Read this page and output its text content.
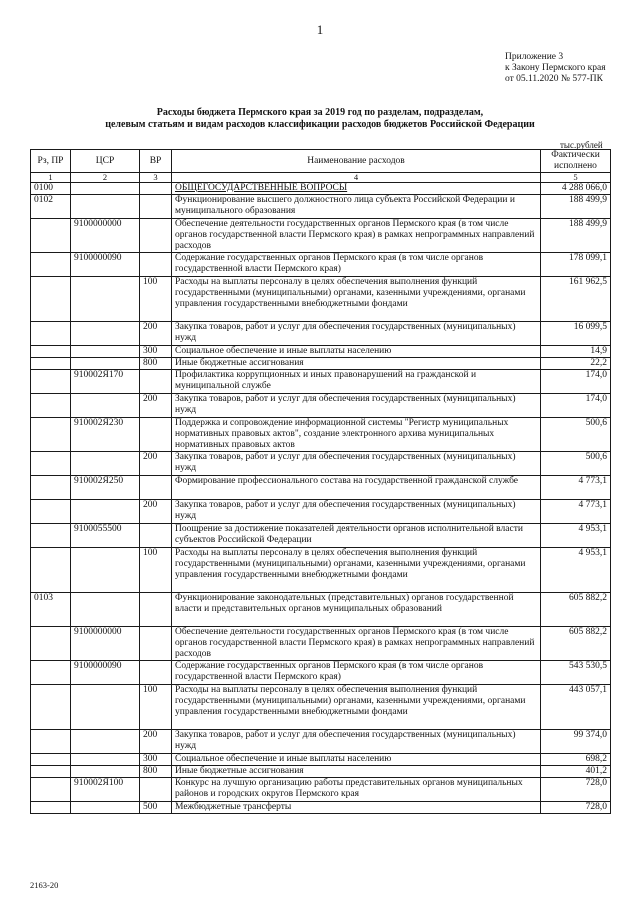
1
Приложение 3
к Закону Пермского края
от 05.11.2020 № 577-ПК
Расходы бюджета Пермского края за 2019 год по разделам, подразделам,
целевым статьям и видам расходов классификации расходов бюджетов Российской Федерации
тыс.рублей
Рз, ПР	ЦСР	ВР	Наименование расходов	Фактически исполнено
1	2	3	4	5
0100			ОБЩЕГОСУДАРСТВЕННЫЕ ВОПРОСЫ	4 288 066,0
0102			Функционирование высшего должностного лица субъекта Российской Федерации и муниципального образования	188 499,9
	9100000000		Обеспечение деятельности государственных органов Пермского края (в том числе органов государственной власти Пермского края) в рамках непрограммных направлений расходов	188 499,9
	9100000090		Содержание государственных органов Пермского края (в том числе органов государственной власти Пермского края)	178 099,1
		100	Расходы на выплаты персоналу в целях обеспечения выполнения функций государственными (муниципальными) органами, казенными учреждениями, органами управления государственными внебюджетными фондами	161 962,5
		200	Закупка товаров, работ и услуг для обеспечения государственных (муниципальных) нужд	16 099,5
		300	Социальное обеспечение и иные выплаты населению	14,9
		800	Иные бюджетные ассигнования	22,2
	910002Я170		Профилактика коррупционных и иных правонарушений на гражданской и муниципальной службе	174,0
		200	Закупка товаров, работ и услуг для обеспечения государственных (муниципальных) нужд	174,0
	910002Я230		Поддержка и сопровождение информационной системы "Регистр муниципальных нормативных правовых актов", создание электронного архива муниципальных нормативных правовых актов	500,6
		200	Закупка товаров, работ и услуг для обеспечения государственных (муниципальных) нужд	500,6
	910002Я250		Формирование профессионального состава на государственной гражданской службе	4 773,1
		200	Закупка товаров, работ и услуг для обеспечения государственных (муниципальных) нужд	4 773,1
	9100055500		Поощрение за достижение показателей деятельности органов исполнительной власти субъектов Российской Федерации	4 953,1
		100	Расходы на выплаты персоналу в целях обеспечения выполнения функций государственными (муниципальными) органами, казенными учреждениями, органами управления государственными внебюджетными фондами	4 953,1
0103			Функционирование законодательных (представительных) органов государственной власти и представительных органов муниципальных образований	605 882,2
	9100000000		Обеспечение деятельности государственных органов Пермского края (в том числе органов государственной власти Пермского края) в рамках непрограммных направлений расходов	605 882,2
	9100000090		Содержание государственных органов Пермского края (в том числе органов государственной власти Пермского края)	543 530,5
		100	Расходы на выплаты персоналу в целях обеспечения выполнения функций государственными (муниципальными) органами, казенными учреждениями, органами управления государственными внебюджетными фондами	443 057,1
		200	Закупка товаров, работ и услуг для обеспечения государственных (муниципальных) нужд	99 374,0
		300	Социальное обеспечение и иные выплаты населению	698,2
		800	Иные бюджетные ассигнования	401,2
	910002Я100		Конкурс на лучшую организацию работы представительных органов муниципальных районов и городских округов Пермского края	728,0
		500	Межбюджетные трансферты	728,0
2163-20
